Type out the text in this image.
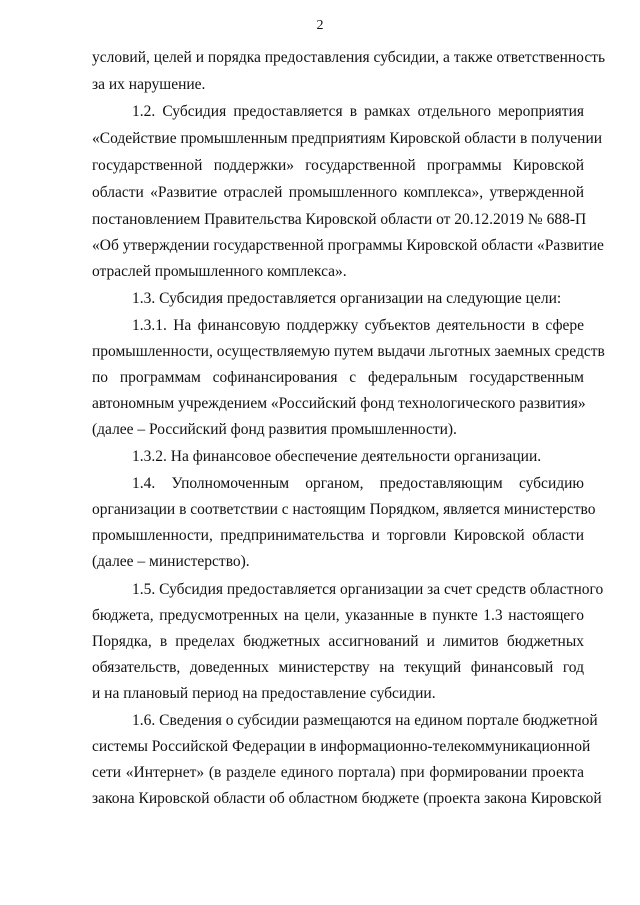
2
условий, целей и порядка предоставления субсидии, а также ответственность
за их нарушение.
1.2. Субсидия предоставляется в рамках отдельного мероприятия
«Содействие промышленным предприятиям Кировской области в получении
государственной поддержки» государственной программы Кировской
области «Развитие отраслей промышленного комплекса», утвержденной
постановлением Правительства Кировской области от 20.12.2019 № 688-П
«Об утверждении государственной программы Кировской области «Развитие
отраслей промышленного комплекса».
1.3. Субсидия предоставляется организации на следующие цели:
1.3.1. На финансовую поддержку субъектов деятельности в сфере
промышленности, осуществляемую путем выдачи льготных заемных средств
по программам софинансирования с федеральным государственным
автономным учреждением «Российский фонд технологического развития»
(далее – Российский фонд развития промышленности).
1.3.2. На финансовое обеспечение деятельности организации.
1.4. Уполномоченным органом, предоставляющим субсидию
организации в соответствии с настоящим Порядком, является министерство
промышленности, предпринимательства и торговли Кировской области
(далее – министерство).
1.5. Субсидия предоставляется организации за счет средств областного
бюджета, предусмотренных на цели, указанные в пункте 1.3 настоящего
Порядка, в пределах бюджетных ассигнований и лимитов бюджетных
обязательств, доведенных министерству на текущий финансовый год
и на плановый период на предоставление субсидии.
1.6. Сведения о субсидии размещаются на едином портале бюджетной
системы Российской Федерации в информационно-телекоммуникационной
сети «Интернет» (в разделе единого портала) при формировании проекта
закона Кировской области об областном бюджете (проекта закона Кировской
